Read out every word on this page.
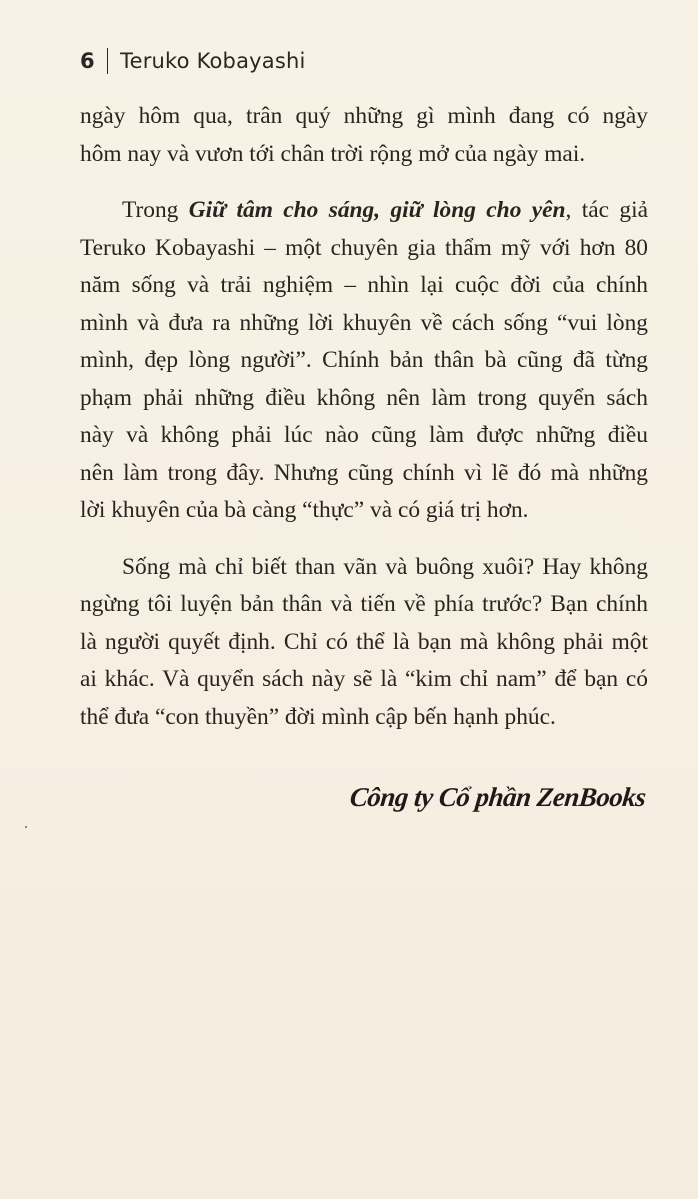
6 Teruko Kobayashi

ngày hôm qua, trân quý những gì mình đang có ngày
hôm nay và vươn tới chân trời rộng mở của ngày mai.

Trong Giữ tâm cho sáng, giữ lòng cho yên, tác giả
Teruko Kobayashi – một chuyên gia thẩm mỹ với hơn 80
năm sống và trải nghiệm – nhìn lại cuộc đời của chính
mình và đưa ra những lời khuyên về cách sống “vui lòng
mình, đẹp lòng người”. Chính bản thân bà cũng đã từng
phạm phải những điều không nên làm trong quyển sách
này và không phải lúc nào cũng làm được những điều
nên làm trong đây. Nhưng cũng chính vì lẽ đó mà những
lời khuyên của bà càng “thực” và có giá trị hơn.

Sống mà chỉ biết than vãn và buông xuôi? Hay không
ngừng tôi luyện bản thân và tiến về phía trước? Bạn chính
là người quyết định. Chỉ có thể là bạn mà không phải một
ai khác. Và quyển sách này sẽ là “kim chỉ nam” để bạn có
thể đưa “con thuyền” đời mình cập bến hạnh phúc.

Công ty Cổ phần ZenBooks
